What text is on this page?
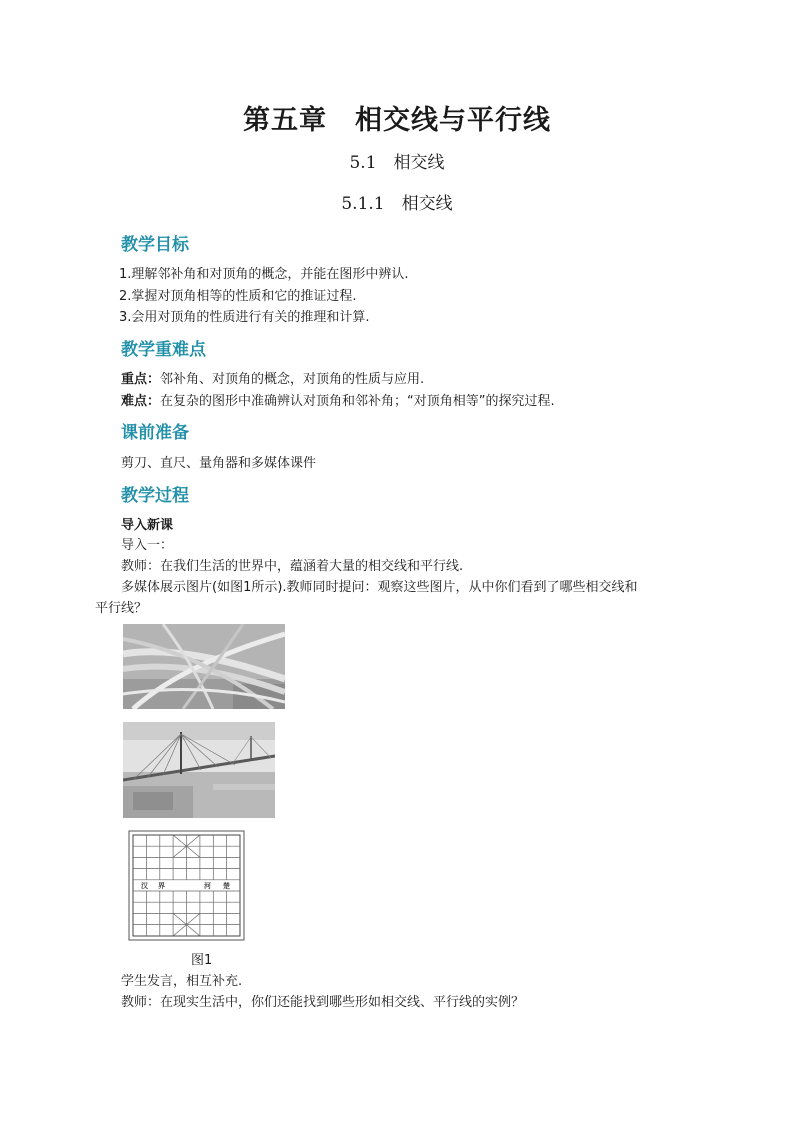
第五章　相交线与平行线
5.1　相交线
5.1.1　相交线
教学目标
1.理解邻补角和对顶角的概念，并能在图形中辨认.
2.掌握对顶角相等的性质和它的推证过程.
3.会用对顶角的性质进行有关的推理和计算.
教学重难点
重点：邻补角、对顶角的概念，对顶角的性质与应用.
难点：在复杂的图形中准确辨认对顶角和邻补角；“对顶角相等”的探究过程.
课前准备
剪刀、直尺、量角器和多媒体课件
教学过程
导入新课
导入一：
教师：在我们生活的世界中，蕴涵着大量的相交线和平行线.
多媒体展示图片(如图1所示).教师同时提问：观察这些图片，从中你们看到了哪些相交线和
平行线？
汉 界	河 楚
图1
学生发言，相互补充.
教师：在现实生活中，你们还能找到哪些形如相交线、平行线的实例？
